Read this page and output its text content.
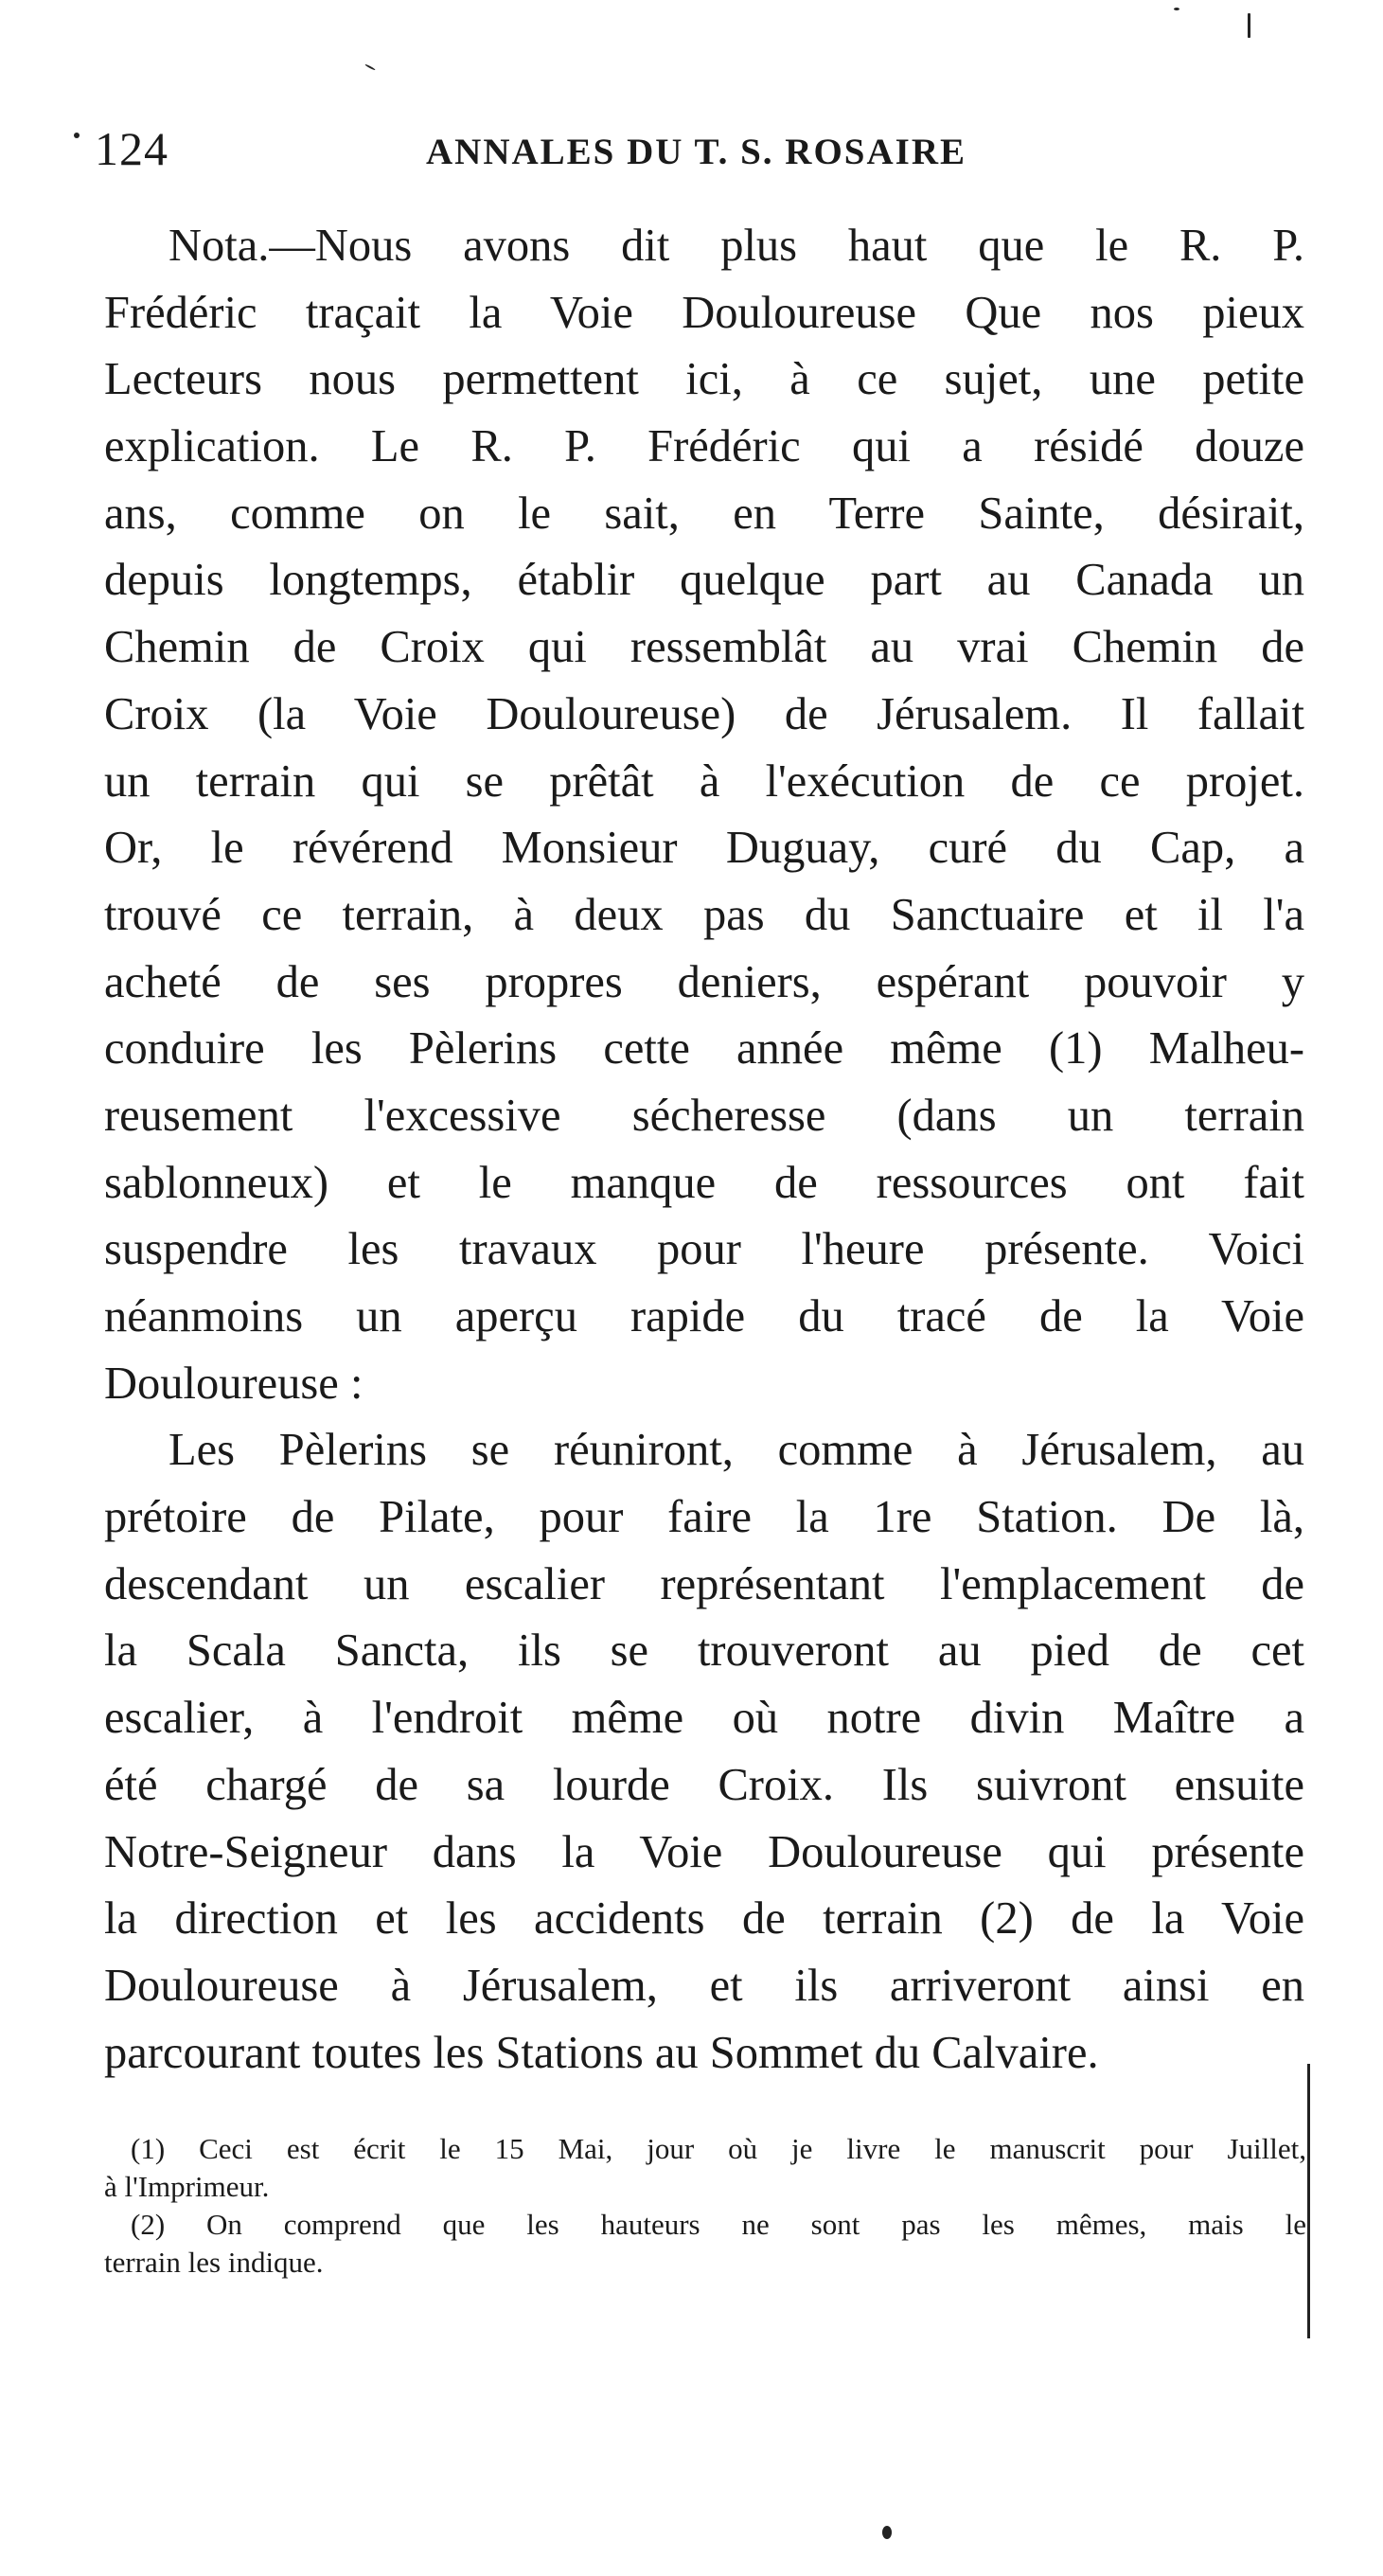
124	ANNALES DU T. S. ROSAIRE
Nota.—Nous avons dit plus haut que le R. P.
Frédéric traçait la Voie Douloureuse Que nos pieux
Lecteurs nous permettent ici, à ce sujet, une petite
explication. Le R. P. Frédéric qui a résidé douze
ans, comme on le sait, en Terre Sainte, désirait,
depuis longtemps, établir quelque part au Canada un
Chemin de Croix qui ressemblât au vrai Chemin de
Croix (la Voie Douloureuse) de Jérusalem. Il fallait
un terrain qui se prêtât à l'exécution de ce projet.
Or, le révérend Monsieur Duguay, curé du Cap, a
trouvé ce terrain, à deux pas du Sanctuaire et il l'a
acheté de ses propres deniers, espérant pouvoir y
conduire les Pèlerins cette année même (1) Malheu-
reusement l'excessive sécheresse (dans un terrain
sablonneux) et le manque de ressources ont fait
suspendre les travaux pour l'heure présente. Voici
néanmoins un aperçu rapide du tracé de la Voie
Douloureuse :
Les Pèlerins se réuniront, comme à Jérusalem, au
prétoire de Pilate, pour faire la 1re Station. De là,
descendant un escalier représentant l'emplacement de
la Scala Sancta, ils se trouveront au pied de cet
escalier, à l'endroit même où notre divin Maître a
été chargé de sa lourde Croix. Ils suivront ensuite
Notre-Seigneur dans la Voie Douloureuse qui présente
la direction et les accidents de terrain (2) de la Voie
Douloureuse à Jérusalem, et ils arriveront ainsi en
parcourant toutes les Stations au Sommet du Calvaire.
(1) Ceci est écrit le 15 Mai, jour où je livre le manuscrit pour Juillet,
à l'Imprimeur.
(2) On comprend que les hauteurs ne sont pas les mêmes, mais le
terrain les indique.
